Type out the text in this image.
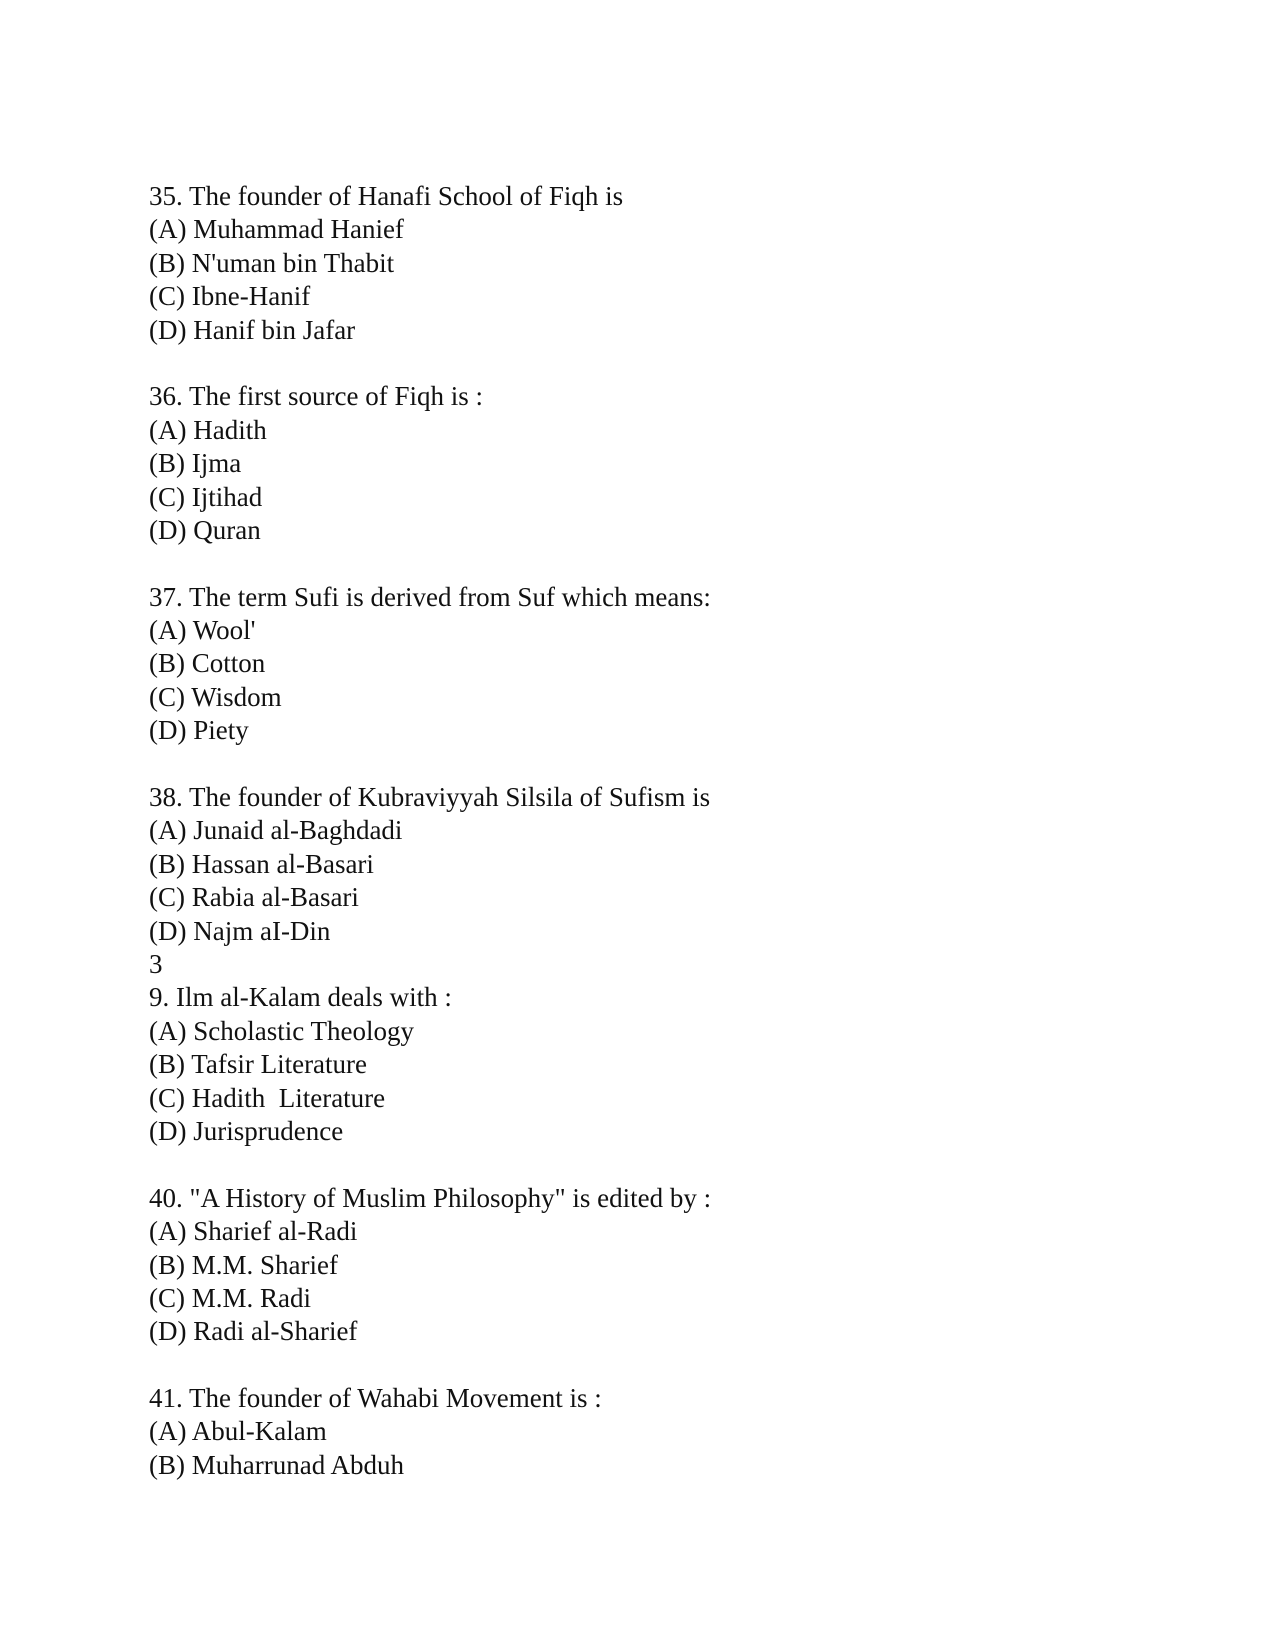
35. The founder of Hanafi School of Fiqh is
(A) Muhammad Hanief
(B) N'uman bin Thabit
(C) Ibne-Hanif
(D) Hanif bin Jafar
36. The first source of Fiqh is :
(A) Hadith
(B) Ijma
(C) Ijtihad
(D) Quran
37. The term Sufi is derived from Suf which means:
(A) Wool'
(B) Cotton
(C) Wisdom
(D) Piety
38. The founder of Kubraviyyah Silsila of Sufism is
(A) Junaid al-Baghdadi
(B) Hassan al-Basari
(C) Rabia al-Basari
(D) Najm aI-Din
3
9. Ilm al-Kalam deals with :
(A) Scholastic Theology
(B) Tafsir Literature
(C) Hadith  Literature
(D) Jurisprudence
40. "A History of Muslim Philosophy" is edited by :
(A) Sharief al-Radi
(B) M.M. Sharief
(C) M.M. Radi
(D) Radi al-Sharief
41. The founder of Wahabi Movement is :
(A) Abul-Kalam
(B) Muharrunad Abduh
